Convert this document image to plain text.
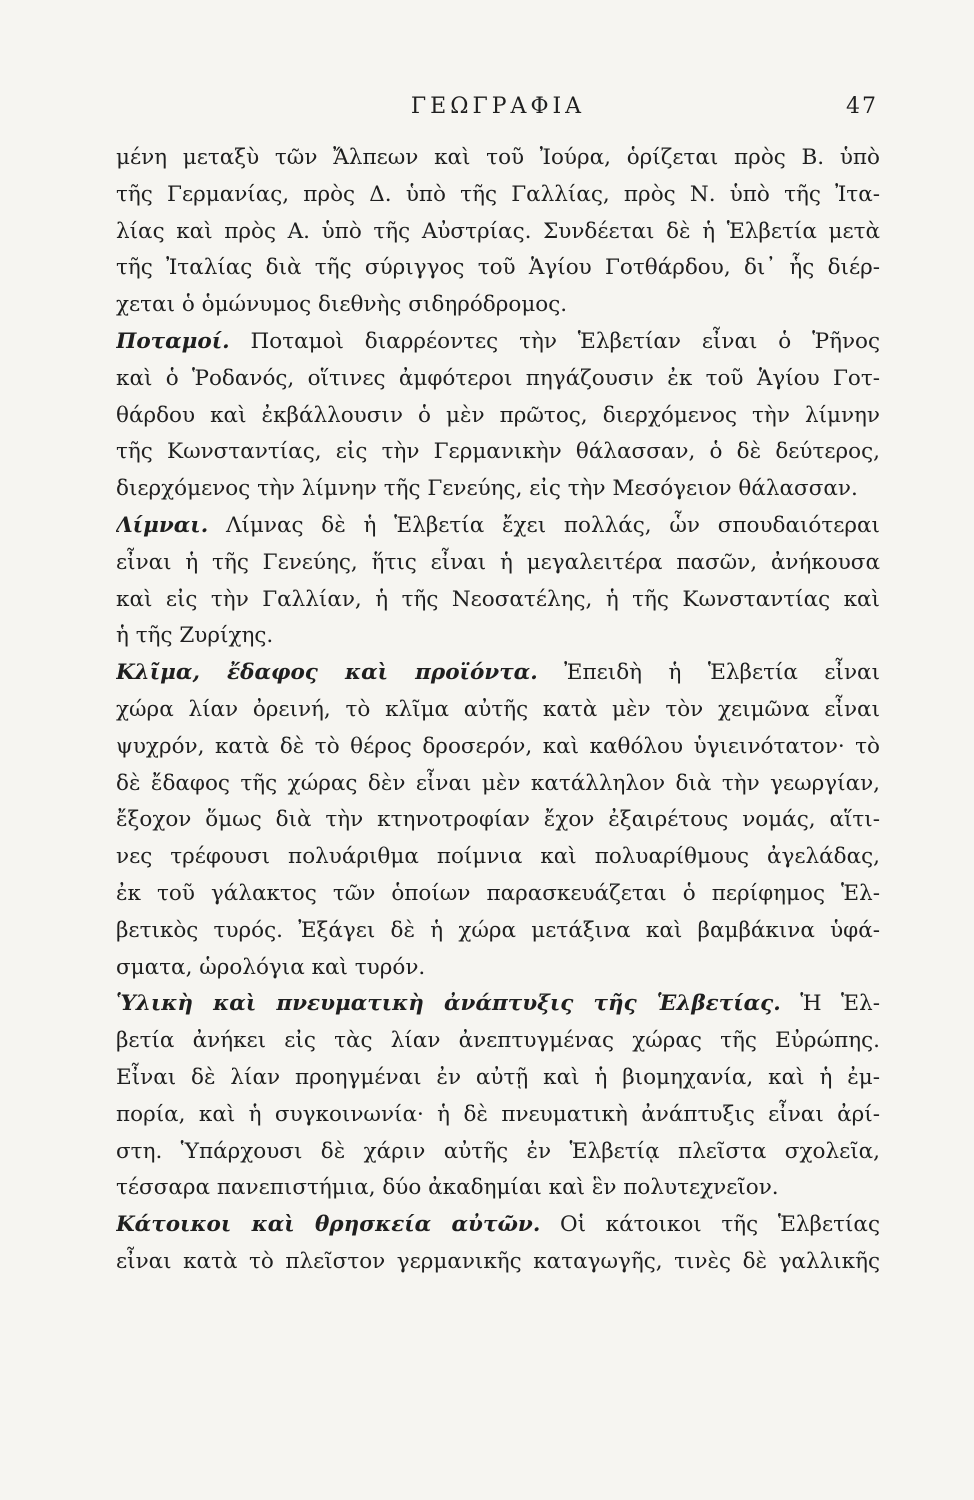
ΓΕΩΓΡΑΦΙΑ	47
μένη μεταξὺ τῶν Ἄλπεων καὶ τοῦ Ἰούρα, ὁρίζεται πρὸς Β. ὑπὸ
τῆς Γερμανίας, πρὸς Δ. ὑπὸ τῆς Γαλλίας, πρὸς Ν. ὑπὸ τῆς Ἰτα-
λίας καὶ πρὸς Α. ὑπὸ τῆς Αὐστρίας. Συνδέεται δὲ ἡ Ἑλβετία μετὰ
τῆς Ἰταλίας διὰ τῆς σύριγγος τοῦ Ἁγίου Γοτθάρδου, δι᾽ ἧς διέρ-
χεται ὁ ὁμώνυμος διεθνὴς σιδηρόδρομος.
Ποταμοί. Ποταμοὶ διαρρέοντες τὴν Ἑλβετίαν εἶναι ὁ Ῥῆνος
καὶ ὁ Ῥοδανός, οἵτινες ἀμφότεροι πηγάζουσιν ἐκ τοῦ Ἁγίου Γοτ-
θάρδου καὶ ἐκβάλλουσιν ὁ μὲν πρῶτος, διερχόμενος τὴν λίμνην
τῆς Κωνσταντίας, εἰς τὴν Γερμανικὴν θάλασσαν, ὁ δὲ δεύτερος,
διερχόμενος τὴν λίμνην τῆς Γενεύης, εἰς τὴν Μεσόγειον θάλασσαν.
Λίμναι. Λίμνας δὲ ἡ Ἑλβετία ἔχει πολλάς, ὧν σπουδαιότεραι
εἶναι ἡ τῆς Γενεύης, ἥτις εἶναι ἡ μεγαλειτέρα πασῶν, ἀνήκουσα
καὶ εἰς τὴν Γαλλίαν, ἡ τῆς Νεοσατέλης, ἡ τῆς Κωνσταντίας καὶ
ἡ τῆς Ζυρίχης.
Κλῖμα, ἔδαφος καὶ προϊόντα. Ἐπειδὴ ἡ Ἑλβετία εἶναι
χώρα λίαν ὀρεινή, τὸ κλῖμα αὐτῆς κατὰ μὲν τὸν χειμῶνα εἶναι
ψυχρόν, κατὰ δὲ τὸ θέρος δροσερόν, καὶ καθόλου ὑγιεινότατον· τὸ
δὲ ἔδαφος τῆς χώρας δὲν εἶναι μὲν κατάλληλον διὰ τὴν γεωργίαν,
ἔξοχον ὅμως διὰ τὴν κτηνοτροφίαν ἔχον ἐξαιρέτους νομάς, αἵτι-
νες τρέφουσι πολυάριθμα ποίμνια καὶ πολυαρίθμους ἀγελάδας,
ἐκ τοῦ γάλακτος τῶν ὁποίων παρασκευάζεται ὁ περίφημος Ἑλ-
βετικὸς τυρός. Ἐξάγει δὲ ἡ χώρα μετάξινα καὶ βαμβάκινα ὑφά-
σματα, ὡρολόγια καὶ τυρόν.
Ὑλικὴ καὶ πνευματικὴ ἀνάπτυξις τῆς Ἑλβετίας. Ἡ Ἑλ-
βετία ἀνήκει εἰς τὰς λίαν ἀνεπτυγμένας χώρας τῆς Εὐρώπης.
Εἶναι δὲ λίαν προηγμέναι ἐν αὐτῇ καὶ ἡ βιομηχανία, καὶ ἡ ἐμ-
πορία, καὶ ἡ συγκοινωνία· ἡ δὲ πνευματικὴ ἀνάπτυξις εἶναι ἀρί-
στη. Ὑπάρχουσι δὲ χάριν αὐτῆς ἐν Ἑλβετίᾳ πλεῖστα σχολεῖα,
τέσσαρα πανεπιστήμια, δύο ἀκαδημίαι καὶ ἓν πολυτεχνεῖον.
Κάτοικοι καὶ θρησκεία αὐτῶν. Οἱ κάτοικοι τῆς Ἑλβετίας
εἶναι κατὰ τὸ πλεῖστον γερμανικῆς καταγωγῆς, τινὲς δὲ γαλλικῆς
